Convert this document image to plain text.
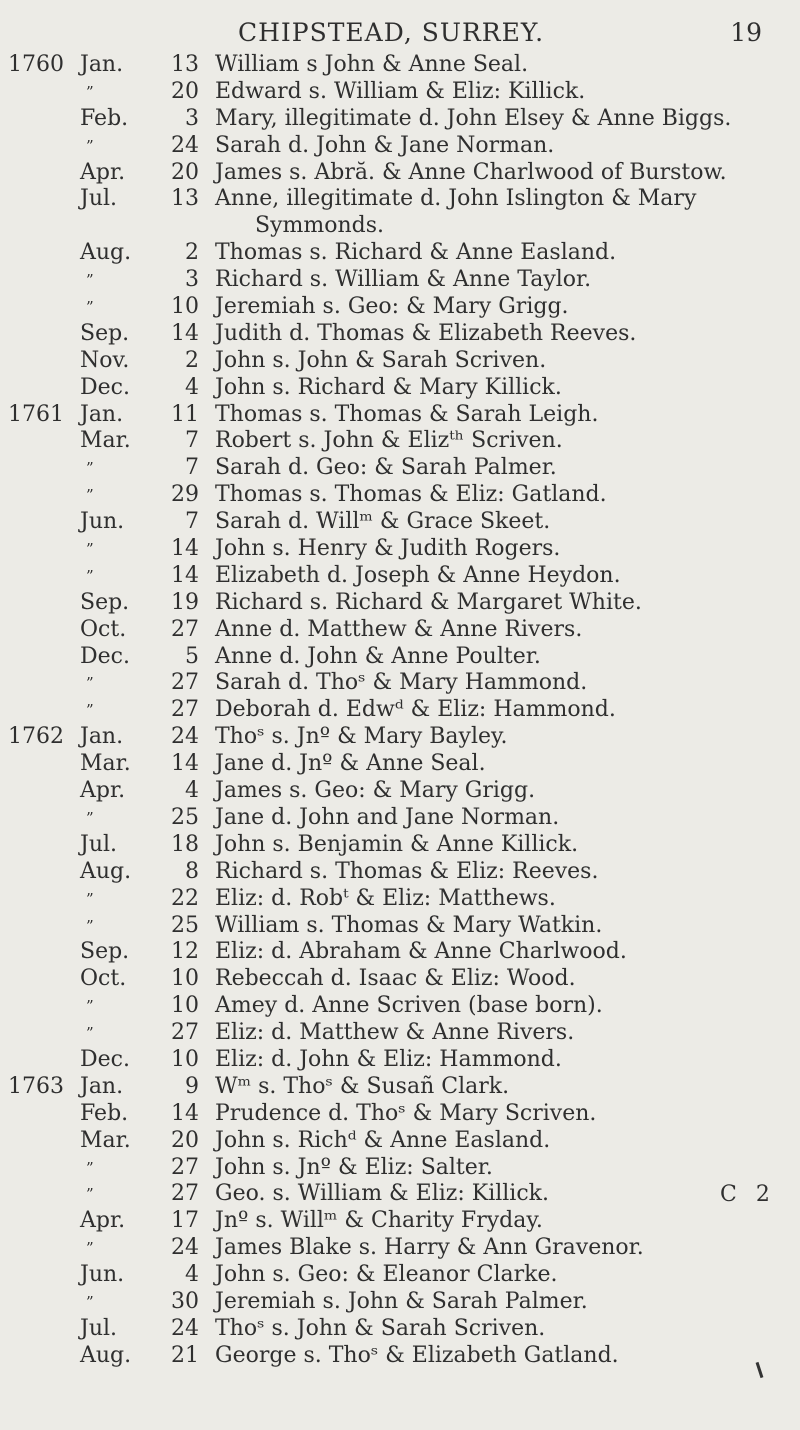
CHIPSTEAD, SURREY.	19
1760 Jan.	13 William s John & Anne Seal.
”	20 Edward s. William & Eliz: Killick.
Feb.	3 Mary, illegitimate d. John Elsey & Anne Biggs.
”	24 Sarah d. John & Jane Norman.
Apr.	20 James s. Abră. & Anne Charlwood of Burstow.
Jul.	13 Anne, illegitimate d. John Islington & Mary
Symmonds.
Aug.	2 Thomas s. Richard & Anne Easland.
”	3 Richard s. William & Anne Taylor.
”	10 Jeremiah s. Geo: & Mary Grigg.
Sep.	14 Judith d. Thomas & Elizabeth Reeves.
Nov.	2 John s. John & Sarah Scriven.
Dec.	4 John s. Richard & Mary Killick.
1761 Jan.	11 Thomas s. Thomas & Sarah Leigh.
Mar.	7 Robert s. John & Elizᵗʰ Scriven.
”	7 Sarah d. Geo: & Sarah Palmer.
”	29 Thomas s. Thomas & Eliz: Gatland.
Jun.	7 Sarah d. Willᵐ & Grace Skeet.
”	14 John s. Henry & Judith Rogers.
”	14 Elizabeth d. Joseph & Anne Heydon.
Sep.	19 Richard s. Richard & Margaret White.
Oct.	27 Anne d. Matthew & Anne Rivers.
Dec.	5 Anne d. John & Anne Poulter.
”	27 Sarah d. Thoˢ & Mary Hammond.
”	27 Deborah d. Edwᵈ & Eliz: Hammond.
1762 Jan.	24 Thoˢ s. Jnº & Mary Bayley.
Mar.	14 Jane d. Jnº & Anne Seal.
Apr.	4 James s. Geo: & Mary Grigg.
”	25 Jane d. John and Jane Norman.
Jul.	18 John s. Benjamin & Anne Killick.
Aug.	8 Richard s. Thomas & Eliz: Reeves.
”	22 Eliz: d. Robᵗ & Eliz: Matthews.
”	25 William s. Thomas & Mary Watkin.
Sep.	12 Eliz: d. Abraham & Anne Charlwood.
Oct.	10 Rebeccah d. Isaac & Eliz: Wood.
”	10 Amey d. Anne Scriven (base born).
”	27 Eliz: d. Matthew & Anne Rivers.
Dec.	10 Eliz: d. John & Eliz: Hammond.
1763 Jan.	9 Wᵐ s. Thoˢ & Susañ Clark.
Feb.	14 Prudence d. Thoˢ & Mary Scriven.
Mar.	20 John s. Richᵈ & Anne Easland.
”	27 John s. Jnº & Eliz: Salter.
”	27 Geo. s. William & Eliz: Killick.
Apr.	17 Jnº s. Willᵐ & Charity Fryday.
”	24 James Blake s. Harry & Ann Gravenor.
Jun.	4 John s. Geo: & Eleanor Clarke.
”	30 Jeremiah s. John & Sarah Palmer.
Jul.	24 Thoˢ s. John & Sarah Scriven.
Aug.	21 George s. Thoˢ & Elizabeth Gatland.
C 2
